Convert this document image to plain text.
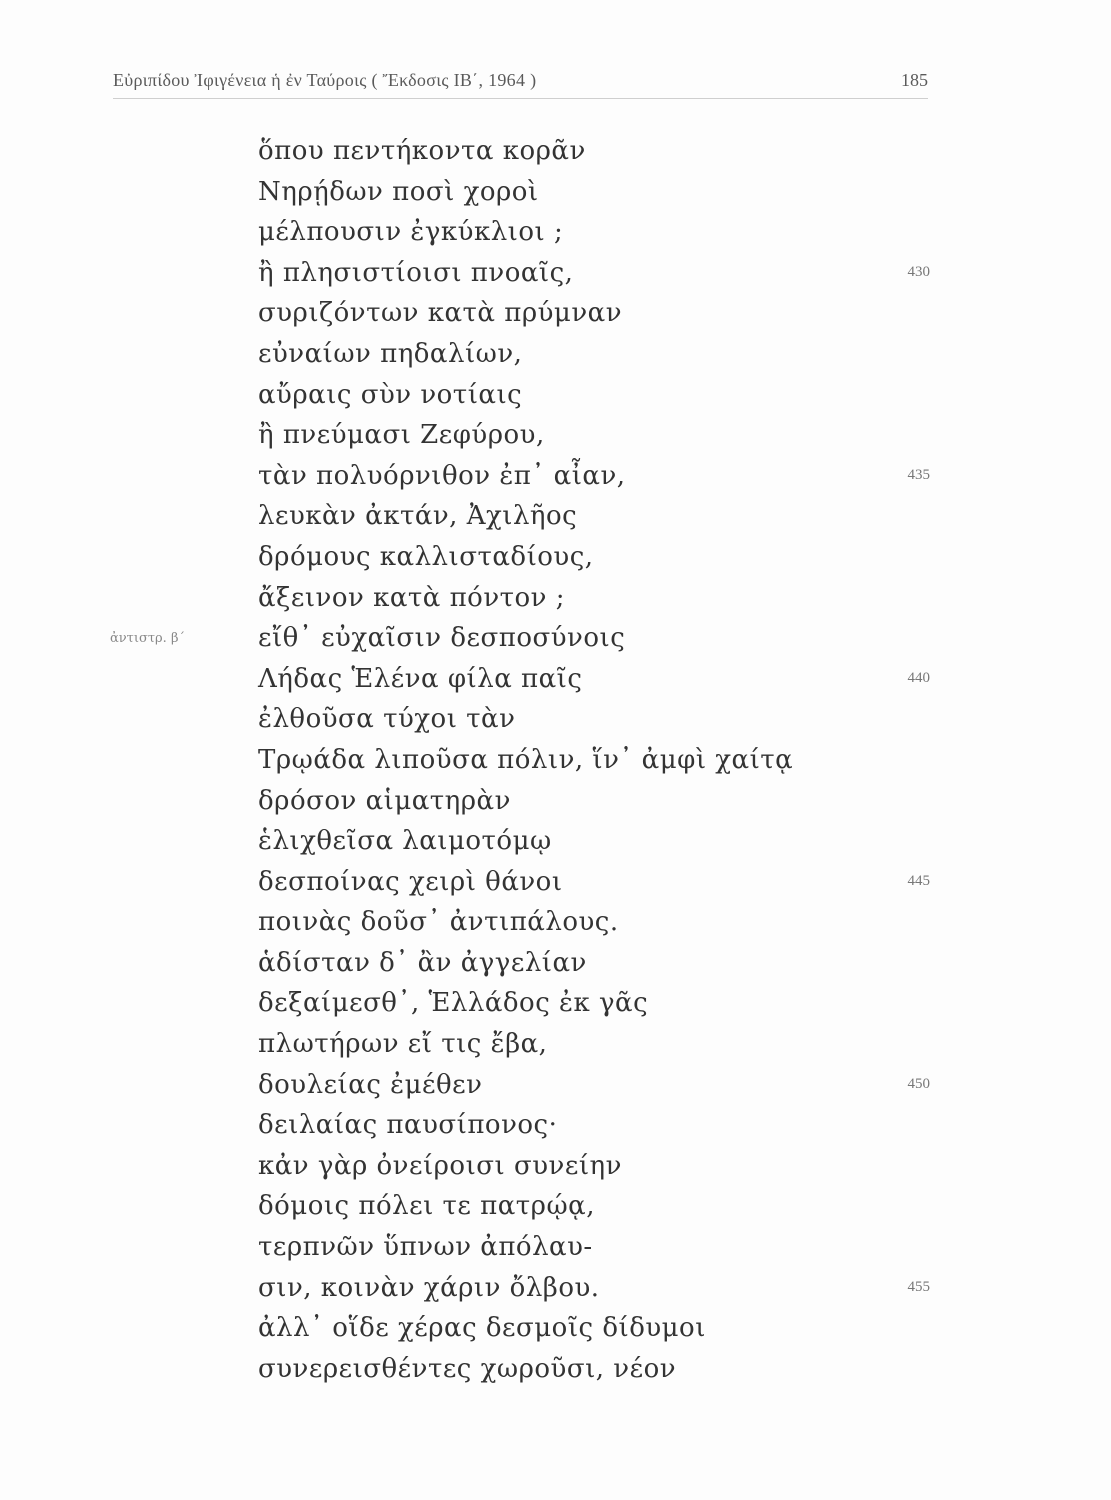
Εὐριπίδου Ἰφιγένεια ἡ ἐν Ταύροις ( Ἔκδοσις ΙΒ΄, 1964 )	185
ὅπου πεντήκοντα κορᾶν
Νηρῄδων ποσὶ χοροὶ
μέλπουσιν ἐγκύκλιοι ;
ἢ πλησιστίοισι πνοαῖς,	430
συριζόντων κατὰ πρύμναν
εὐναίων πηδαλίων,
αὔραις σὺν νοτίαις
ἢ πνεύμασι Ζεφύρου,
τὰν πολυόρνιθον ἐπ᾽ αἶαν,	435
λευκὰν ἀκτάν, Ἀχιλῆος
δρόμους καλλισταδίους,
ἄξεινον κατὰ πόντον ;
εἴθ᾽ εὐχαῖσιν δεσποσύνοις
ἀντιστρ. β΄
Λήδας Ἑλένα φίλα παῖς	440
ἐλθοῦσα τύχοι τὰν
Τρῳάδα λιποῦσα πόλιν, ἵν᾽ ἀμφὶ χαίτᾳ
δρόσον αἱματηρὰν
ἑλιχθεῖσα λαιμοτόμῳ
δεσποίνας χειρὶ θάνοι	445
ποινὰς δοῦσ᾽ ἀντιπάλους.
ἁδίσταν δ᾽ ἂν ἀγγελίαν
δεξαίμεσθ᾽, Ἑλλάδος ἐκ γᾶς
πλωτήρων εἴ τις ἔβα,
δουλείας ἐμέθεν	450
δειλαίας παυσίπονος·
κἀν γὰρ ὀνείροισι συνείην
δόμοις πόλει τε πατρῴᾳ,
τερπνῶν ὕπνων ἀπόλαυ-
σιν, κοινὰν χάριν ὄλβου.	455
ἀλλ᾽ οἵδε χέρας δεσμοῖς δίδυμοι
συνερεισθέντες χωροῦσι, νέον
